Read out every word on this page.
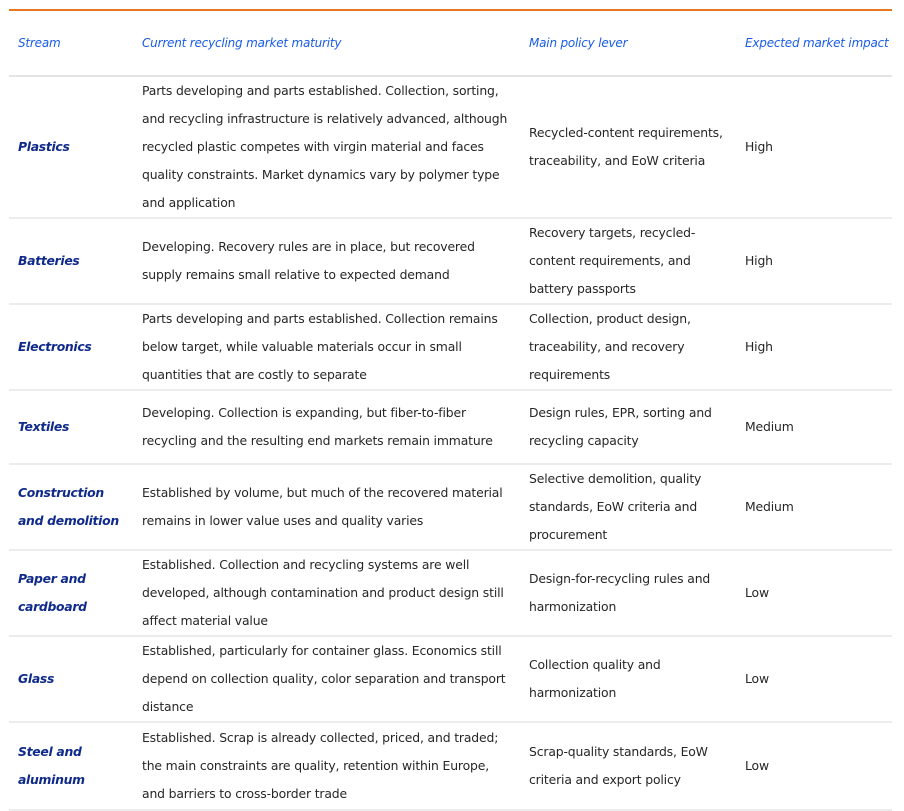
Stream	Current recycling market maturity	Main policy lever	Expected market impact
Plastics	Parts developing and parts established. Collection, sorting, and recycling infrastructure is relatively advanced, although recycled plastic competes with virgin material and faces quality constraints. Market dynamics vary by polymer type and application	Recycled-content requirements, traceability, and EoW criteria	High
Batteries	Developing. Recovery rules are in place, but recovered supply remains small relative to expected demand	Recovery targets, recycled-content requirements, and battery passports	High
Electronics	Parts developing and parts established. Collection remains below target, while valuable materials occur in small quantities that are costly to separate	Collection, product design, traceability, and recovery requirements	High
Textiles	Developing. Collection is expanding, but fiber-to-fiber recycling and the resulting end markets remain immature	Design rules, EPR, sorting and recycling capacity	Medium
Construction and demolition	Established by volume, but much of the recovered material remains in lower value uses and quality varies	Selective demolition, quality standards, EoW criteria and procurement	Medium
Paper and cardboard	Established. Collection and recycling systems are well developed, although contamination and product design still affect material value	Design-for-recycling rules and harmonization	Low
Glass	Established, particularly for container glass. Economics still depend on collection quality, color separation and transport distance	Collection quality and harmonization	Low
Steel and aluminum	Established. Scrap is already collected, priced, and traded; the main constraints are quality, retention within Europe, and barriers to cross-border trade	Scrap-quality standards, EoW criteria and export policy	Low
